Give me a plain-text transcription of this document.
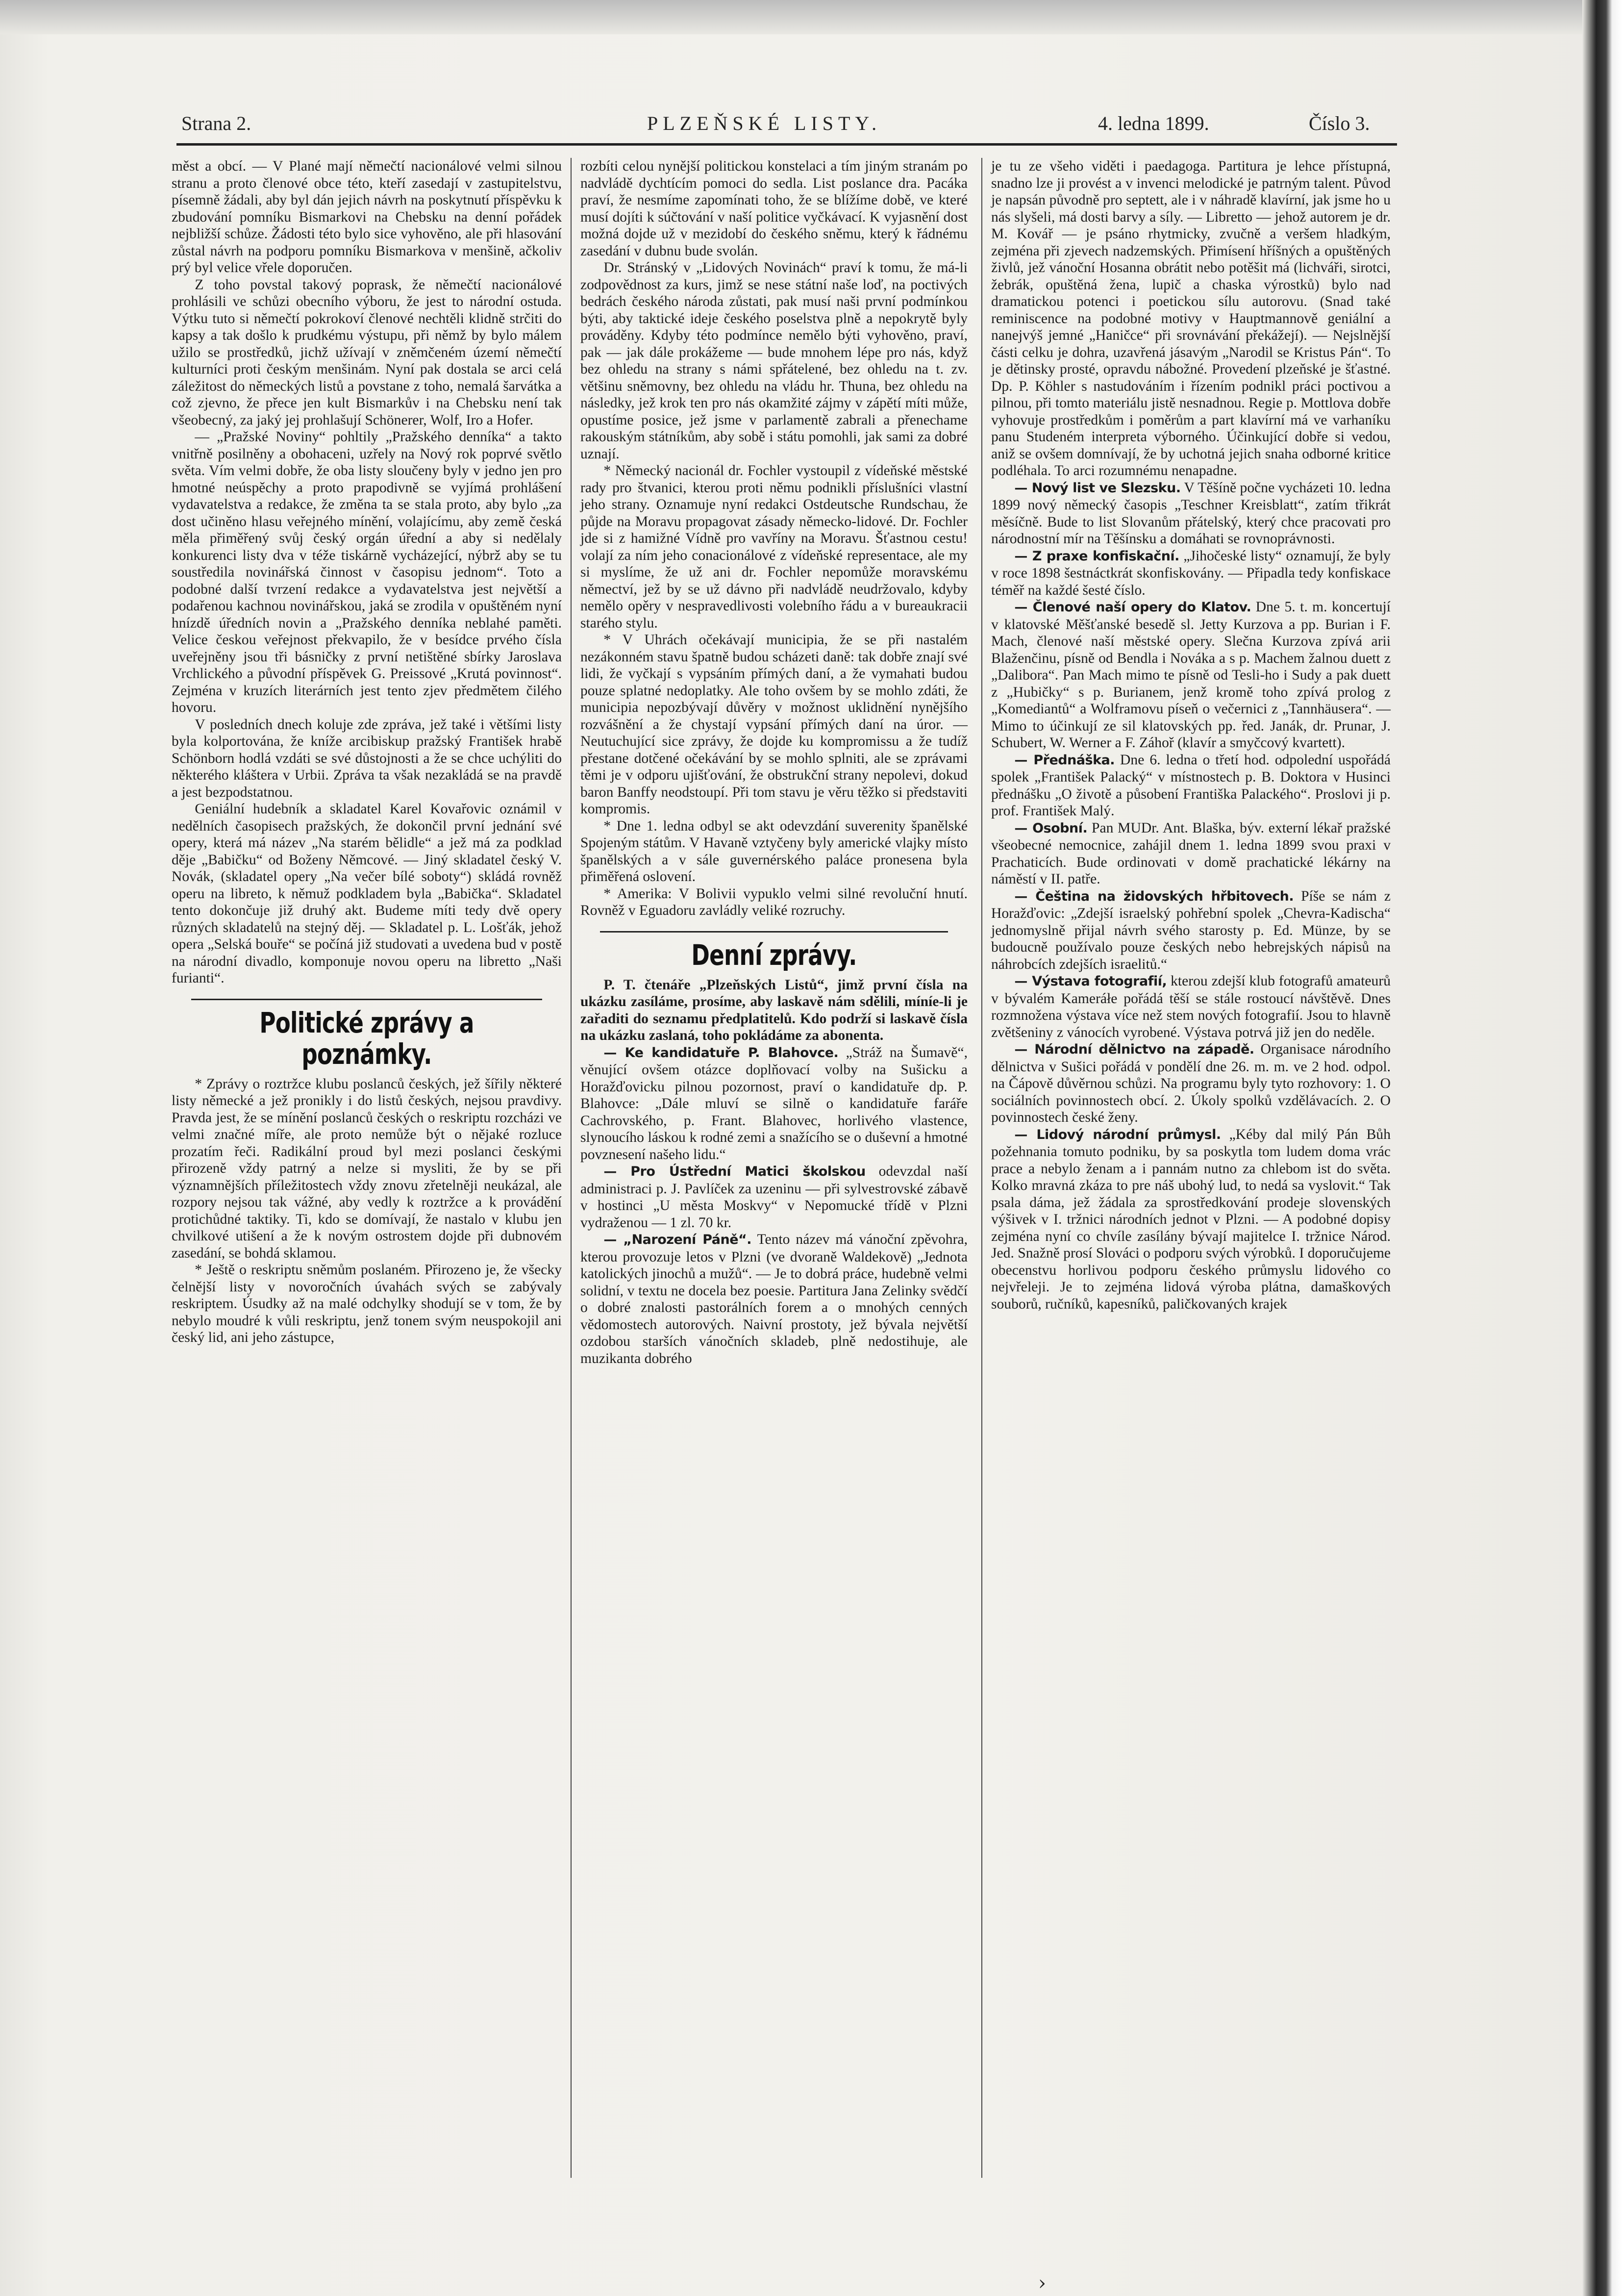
Strana 2.	PLZEŇSKÉ LISTY.	4. ledna 1899.	Číslo 3.

měst a obcí. — V Plané mají němečtí nacionálové velmi silnou stranu a proto členové obce této, kteří zasedají v zastupitelstvu, písemně žádali, aby byl dán jejich návrh na poskytnutí příspěvku k zbudování pomníku Bismarkovi na Chebsku na denní pořádek nejbližší schůze. Žádosti této bylo sice vyhověno, ale při hlasování zůstal návrh na podporu pomníku Bismarkova v menšině, ačkoliv prý byl velice vřele doporučen.

Z toho povstal takový poprask, že němečtí nacionálové prohlásili ve schůzi obecního výboru, že jest to národní ostuda. Výtku tuto si němečtí pokrokoví členové nechtěli klidně strčiti do kapsy a tak došlo k prudkému výstupu, při němž by bylo málem užilo se prostředků, jichž užívají v zněmčeném území němečtí kulturníci proti českým menšinám. Nyní pak dostala se arci celá záležitost do německých listů a povstane z toho, nemalá šarvátka a což zjevno, že přece jen kult Bismarkův i na Chebsku není tak všeobecný, za jaký jej prohlašují Schönerer, Wolf, Iro a Hofer.

— „Pražské Noviny“ pohltily „Pražského denníka“ a takto vnitřně posilněny a obohaceni, uzřely na Nový rok poprvé světlo světa. Vím velmi dobře, že oba listy sloučeny byly v jedno jen pro hmotné neúspěchy a proto prapodivně se vyjímá prohlášení vydavatelstva a redakce, že změna ta se stala proto, aby bylo „za dost učiněno hlasu veřejného mínění, volajícímu, aby země česká měla přiměřený svůj český orgán úřední a aby si nedělaly konkurenci listy dva v téže tiskárně vycházející, nýbrž aby se tu soustředila novinářská činnost v časopisu jednom“. Toto a podobné další tvrzení redakce a vydavatelstva jest největší a podařenou kachnou novinářskou, jaká se zrodila v opuštěném nyní hnízdě úředních novin a „Pražského denníka neblahé paměti. Velice českou veřejnost překvapilo, že v besídce prvého čísla uveřejněny jsou tři básničky z první netištěné sbírky Jaroslava Vrchlického a původní příspěvek G. Preissové „Krutá povinnost“. Zejména v kruzích literárních jest tento zjev předmětem čilého hovoru.

V posledních dnech koluje zde zpráva, jež také i většími listy byla kolportována, že kníže arcibiskup pražský František hrabě Schönborn hodlá vzdáti se své důstojnosti a že se chce uchýliti do některého kláštera v Urbii. Zpráva ta však nezakládá se na pravdě a jest bezpodstatnou.

Geniální hudebník a skladatel Karel Kovařovic oznámil v nedělních časopisech pražských, že dokončil první jednání své opery, která má název „Na starém bělidle“ a jež má za podklad děje „Babičku“ od Boženy Němcové. — Jiný skladatel český V. Novák, (skladatel opery „Na večer bílé soboty“) skládá rovněž operu na libreto, k němuž podkladem byla „Babička“. Skladatel tento dokončuje již druhý akt. Budeme míti tedy dvě opery různých skladatelů na stejný děj. — Skladatel p. L. Lošťák, jehož opera „Selská bouře“ se počíná již studovati a uvedena bud v postě na národní divadlo, komponuje novou operu na libretto „Naši furianti“.

Politické zprávy a poznámky.

* Zprávy o roztržce klubu poslanců českých, jež šířily některé listy německé a jež pronikly i do listů českých, nejsou pravdivy. Pravda jest, že se mínění poslanců českých o reskriptu rozcházi ve velmi značné míře, ale proto nemůže být o nějaké rozluce prozatím řeči. Radikální proud byl mezi poslanci českými přirozeně vždy patrný a nelze si mysliti, že by se při významnějších příležitostech vždy znovu zřetelněji neukázal, ale rozpory nejsou tak vážné, aby vedly k roztržce a k provádění protichůdné taktiky. Ti, kdo se domívají, že nastalo v klubu jen chvilkové utišení a že k novým ostrostem dojde při dubnovém zasedání, se bohdá sklamou.

* Ještě o reskriptu sněmům poslaném. Přirozeno je, že všecky čelnější listy v novoročních úvahách svých se zabývaly reskriptem. Úsudky až na malé odchylky shodují se v tom, že by nebylo moudré k vůli reskriptu, jenž tonem svým neuspokojil ani český lid, ani jeho zástupce,

rozbíti celou nynější politickou konstelaci a tím jiným stranám po nadvládě dychtícím pomoci do sedla. List poslance dra. Pacáka praví, že nesmíme zapomínati toho, že se blížíme době, ve které musí dojíti k súčtování v naší politice vyčkávací. K vyjasnění dost možná dojde už v mezidobí do českého sněmu, který k řádnému zasedání v dubnu bude svolán.

Dr. Stránský v „Lidových Novinách“ praví k tomu, že má-li zodpovědnost za kurs, jimž se nese státní naše loď, na poctivých bedrách českého národa zůstati, pak musí naši první podmínkou býti, aby taktické ideje českého poselstva plně a nepokrytě byly prováděny. Kdyby této podmínce nemělo býti vyhověno, praví, pak — jak dále prokážeme — bude mnohem lépe pro nás, když bez ohledu na strany s námi spřátelené, bez ohledu na t. zv. většinu sněmovny, bez ohledu na vládu hr. Thuna, bez ohledu na následky, jež krok ten pro nás okamžité zájmy v zápětí míti může, opustíme posice, jež jsme v parlamentě zabrali a přenechame rakouským státníkům, aby sobě i státu pomohli, jak sami za dobré uznají.

* Německý nacionál dr. Fochler vystoupil z vídeňské městské rady pro štvanici, kterou proti němu podnikli příslušníci vlastní jeho strany. Oznamuje nyní redakci Ostdeutsche Rundschau, že půjde na Moravu propagovat zásady německo-lidové. Dr. Fochler jde si z hamižné Vídně pro vavříny na Moravu. Šťastnou cestu! volají za ním jeho conacionálové z vídeňské representace, ale my si myslíme, že už ani dr. Fochler nepomůže moravskému němectví, jež by se už dávno při nadvládě neudržovalo, kdyby nemělo opěry v nespravedlivosti volebního řádu a v bureaukracii starého stylu.

* V Uhrách očekávají municipia, že se při nastalém nezákonném stavu špatně budou scházeti daně: tak dobře znají své lidi, že vyčkají s vypsáním přímých daní, a že vymahati budou pouze splatné nedoplatky. Ale toho ovšem by se mohlo zdáti, že municipia nepozbývají důvěry v možnost uklidnění nynějšího rozvášnění a že chystají vypsání přímých daní na úror. — Neutuchující sice zprávy, že dojde ku kompromissu a že tudíž přestane dotčené očekávání by se mohlo splniti, ale se zprávami těmi je v odporu ujišťování, že obstrukční strany nepolevi, dokud baron Banffy neodstoupí. Při tom stavu je věru těžko si představiti kompromis.

* Dne 1. ledna odbyl se akt odevzdání suverenity španělské Spojeným státům. V Havaně vztyčeny byly americké vlajky místo španělských a v sále guvernérského paláce pronesena byla přiměřená oslovení.

* Amerika: V Bolivii vypuklo velmi silné revoluční hnutí. Rovněž v Eguadoru zavládly veliké rozruchy.

Denní zprávy.

P. T. čtenáře „Plzeňských Listů“, jimž první čísla na ukázku zasíláme, prosíme, aby laskavě nám sdělili, míníe-li je zařaditi do seznamu předplatitelů. Kdo podrží si laskavě čísla na ukázku zaslaná, toho pokládáme za abonenta.

— Ke kandidatuře P. Blahovce. „Stráž na Šumavě“, věnující ovšem otázce doplňovací volby na Sušicku a Horažďovicku pilnou pozornost, praví o kandidatuře dp. P. Blahovce: „Dále mluví se silně o kandidatuře faráře Cachrovského, p. Frant. Blahovec, horlivého vlastence, slynoucího láskou k rodné zemi a snažícího se o duševní a hmotné povznesení našeho lidu.“

— Pro Ústřední Matici školskou odevzdal naší administraci p. J. Pavlíček za uzeninu — při sylvestrovské zábavě v hostinci „U města Moskvy“ v Nepomucké třídě v Plzni vydraženou — 1 zl. 70 kr.

— „Narození Páně“. Tento název má vánoční zpěvohra, kterou provozuje letos v Plzni (ve dvoraně Waldekově) „Jednota katolických jinochů a mužů“. — Je to dobrá práce, hudebně velmi solidní, v textu ne docela bez poesie. Partitura Jana Zelinky svědčí o dobré znalosti pastorálních forem a o mnohých cenných vědomostech autorových. Naivní prostoty, jež bývala největší ozdobou starších vánočních skladeb, plně nedostihuje, ale muzikanta dobrého

je tu ze všeho viděti i paedagoga. Partitura je lehce přístupná, snadno lze ji provést a v invenci melodické je patrným talent. Původ je napsán původně pro septett, ale i v náhradě klavírní, jak jsme ho u nás slyšeli, má dosti barvy a síly. — Libretto — jehož autorem je dr. M. Kovář — je psáno rhytmicky, zvučně a veršem hladkým, zejména při zjevech nadzemských. Přimísení hříšných a opuštěných živlů, jež vánoční Hosanna obrátit nebo potěšit má (lichváři, sirotci, žebrák, opuštěná žena, lupič a chaska výrostků) bylo nad dramatickou potenci i poetickou sílu autorovu. (Snad také reminiscence na podobné motivy v Hauptmannově geniální a nanejvýš jemné „Haničce“ při srovnávání překážejí). — Nejslnější části celku je dohra, uzavřená jásavým „Narodil se Kristus Pán“. To je dětinsky prosté, opravdu nábožné. Provedení plzeňské je šťastné. Dp. P. Köhler s nastudováním i řízením podnikl práci poctivou a pilnou, při tomto materiálu jistě nesnadnou. Regie p. Mottlova dobře vyhovuje prostředkům i poměrům a part klavírní má ve varhaníku panu Studeném interpreta výborného. Účinkující dobře si vedou, aniž se ovšem domnívají, že by uchotná jejich snaha odborné kritice podléhala. To arci rozumnému nenapadne.

— Nový list ve Slezsku. V Těšíně počne vycházeti 10. ledna 1899 nový německý časopis „Teschner Kreisblatt“, zatím třikrát měsíčně. Bude to list Slovanům přátelský, který chce pracovati pro národnostní mír na Těšínsku a domáhati se rovnoprávnosti.

— Z praxe konfiskační. „Jihočeské listy“ oznamují, že byly v roce 1898 šestnáctkrát skonfiskovány. — Připadla tedy konfiskace téměř na každé šesté číslo.

— Členové naší opery do Klatov. Dne 5. t. m. koncertují v klatovské Měšťanské besedě sl. Jetty Kurzova a pp. Burian i F. Mach, členové naší městské opery. Slečna Kurzova zpívá arii Blaženčinu, písně od Bendla i Nováka a s p. Machem žalnou duett z „Dalibora“. Pan Mach mimo te písně od Tesli-ho i Sudy a pak duett z „Hubičky“ s p. Burianem, jenž kromě toho zpívá prolog z „Komediantů“ a Wolframovu píseň o večernici z „Tannhäusera“. — Mimo to účinkují ze sil klatovských pp. řed. Janák, dr. Prunar, J. Schubert, W. Werner a F. Záhoř (klavír a smyčcový kvartett).

— Přednáška. Dne 6. ledna o třetí hod. odpolední uspořádá spolek „František Palacký“ v místnostech p. B. Doktora v Husinci přednášku „O životě a působení Františka Palackého“. Proslovi ji p. prof. František Malý.

— Osobní. Pan MUDr. Ant. Blaška, býv. externí lékař pražské všeobecné nemocnice, zahájil dnem 1. ledna 1899 svou praxi v Prachaticích. Bude ordinovati v domě prachatické lékárny na náměstí v II. patře.

— Čeština na židovských hřbitovech. Píše se nám z Horažďovic: „Zdejší israelský pohřební spolek „Chevra-Kadischa“ jednomyslně přijal návrh svého starosty p. Ed. Münze, by se budoucně používalo pouze českých nebo hebrejských nápisů na náhrobcích zdejších israelitů.“

— Výstava fotografií, kterou zdejší klub fotografů amateurů v bývalém Kameráłe pořádá těší se stále rostoucí návštěvě. Dnes rozmnožena výstava více než stem nových fotografií. Jsou to hlavně zvětšeniny z vánocích vyrobené. Výstava potrvá již jen do neděle.

— Národní dělnictvo na západě. Organisace národního dělnictva v Sušici pořádá v pondělí dne 26. m. m. ve 2 hod. odpol. na Čápově důvěrnou schůzi. Na programu byly tyto rozhovory: 1. O sociálních povinnostech obcí. 2. Úkoly spolků vzdělávacích. 2. O povinnostech české ženy.

— Lidový národní průmysl. „Kéby dal milý Pán Bůh požehnania tomuto podniku, by sa poskytla tom ludem doma vrác prace a nebylo ženam a i pannám nutno za chlebom ist do světa. Kolko mravná zkáza to pre náš ubohý lud, to nedá sa vyslovit.“ Tak psala dáma, jež žádala za sprostředkování prodeje slovenských výšivek v I. tržnici národních jednot v Plzni. — A podobné dopisy zejména nyní co chvíle zasílány bývají majitelce I. tržnice Národ. Jed. Snažně prosí Slováci o podporu svých výrobků. I doporučujeme obecenstvu horlivou podporu českého průmyslu lidového co nejvřeleji. Je to zejména lidová výroba plátna, damaškových souborů, ručníků, kapesníků, paličkovaných krajek

›
